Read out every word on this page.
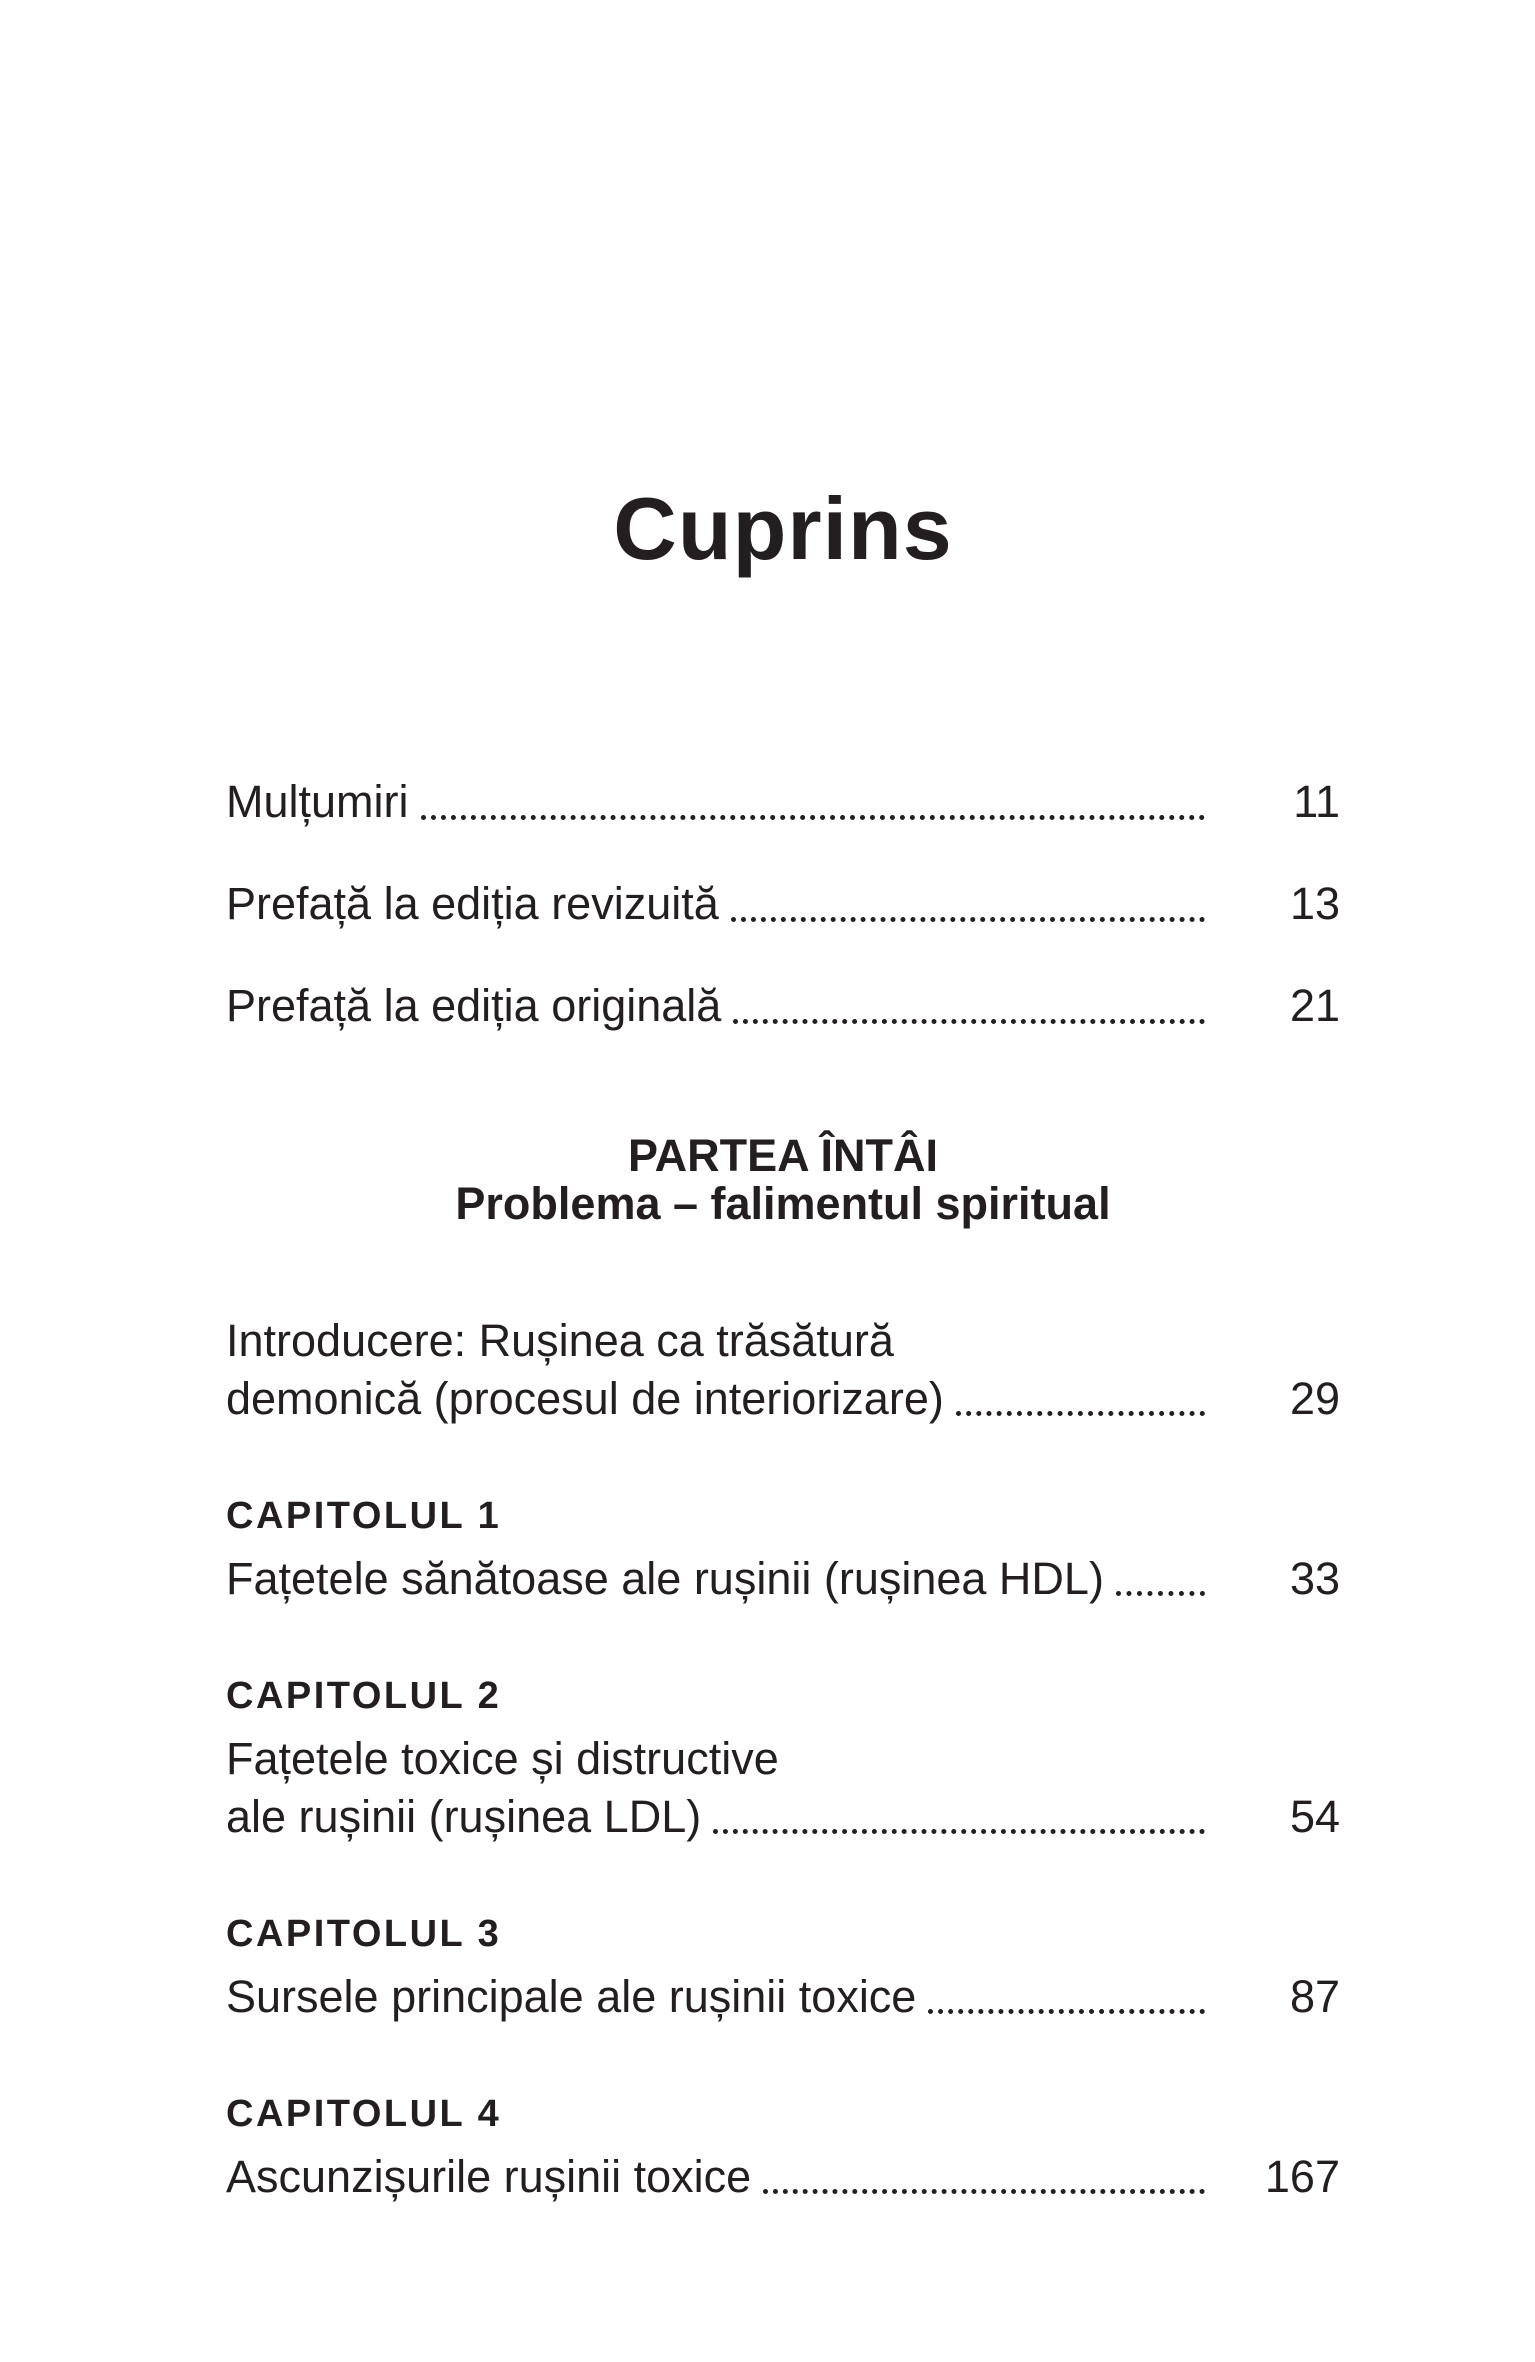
Cuprins
Mulțumiri	11
Prefață la ediția revizuită	13
Prefață la ediția originală	21
PARTEA ÎNTÂI
Problema – falimentul spiritual
Introducere: Rușinea ca trăsătură
demonică (procesul de interiorizare)	29
CAPITOLUL 1
Fațetele sănătoase ale rușinii (rușinea HDL)	33
CAPITOLUL 2
Fațetele toxice și distructive
ale rușinii (rușinea LDL)	54
CAPITOLUL 3
Sursele principale ale rușinii toxice	87
CAPITOLUL 4
Ascunzișurile rușinii toxice	167
